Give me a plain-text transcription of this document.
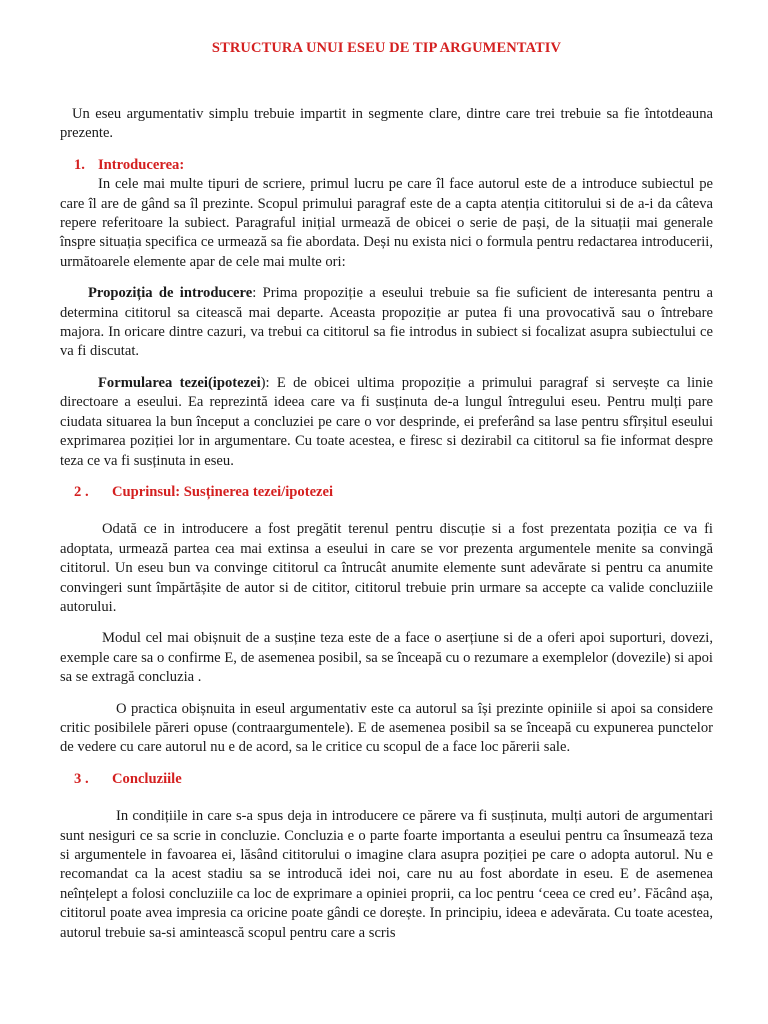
STRUCTURA UNUI ESEU DE TIP ARGUMENTATIV

Un eseu argumentativ simplu trebuie impartit in segmente clare, dintre care trei trebuie sa fie întotdeauna prezente.

1. Introducerea:

In cele mai multe tipuri de scriere, primul lucru pe care îl face autorul este de a introduce subiectul pe care îl are de gând sa îl prezinte. Scopul primului paragraf este de a capta atenția cititorului si de a-i da câteva repere referitoare la subiect. Paragraful inițial urmează de obicei o serie de pași, de la situații mai generale înspre situația specifica ce urmează sa fie abordata. Deși nu exista nici o formula pentru redactarea introducerii, următoarele elemente apar de cele mai multe ori:

Propoziția de introducere: Prima propoziție a eseului trebuie sa fie suficient de interesanta pentru a determina cititorul sa citească mai departe. Aceasta propoziție ar putea fi una provocativă sau o întrebare majora. In oricare dintre cazuri, va trebui ca cititorul sa fie introdus in subiect si focalizat asupra subiectului ce va fi discutat.

Formularea tezei(ipotezei): E de obicei ultima propoziție a primului paragraf si servește ca linie directoare a eseului. Ea reprezintă ideea care va fi susținuta de-a lungul întregului eseu. Pentru mulți pare ciudata situarea la bun început a concluziei pe care o vor desprinde, ei preferând sa lase pentru sfîrșitul eseului exprimarea poziției lor in argumentare. Cu toate acestea, e firesc si dezirabil ca cititorul sa fie informat despre teza ce va fi susținuta in eseu.

2 . Cuprinsul: Susținerea tezei/ipotezei

Odată ce in introducere a fost pregătit terenul pentru discuție si a fost prezentata poziția ce va fi adoptata, urmează partea cea mai extinsa a eseului in care se vor prezenta argumentele menite sa convingă cititorul. Un eseu bun va convinge cititorul ca întrucât anumite elemente sunt adevărate si pentru ca anumite convingeri sunt împărtășite de autor si de cititor, cititorul trebuie prin urmare sa accepte ca valide concluziile autorului.

Modul cel mai obișnuit de a susține teza este de a face o aserțiune si de a oferi apoi suporturi, dovezi, exemple care sa o confirme E, de asemenea posibil, sa se înceapă cu o rezumare a exemplelor (dovezile) si apoi sa se extragă concluzia .

O practica obișnuita in eseul argumentativ este ca autorul sa își prezinte opiniile si apoi sa considere critic posibilele păreri opuse (contraargumentele). E de asemenea posibil sa se înceapă cu expunerea punctelor de vedere cu care autorul nu e de acord, sa le critice cu scopul de a face loc părerii sale.

3 . Concluziile

In condițiile in care s-a spus deja in introducere ce părere va fi susținuta, mulți autori de argumentari sunt nesiguri ce sa scrie in concluzie. Concluzia e o parte foarte importanta a eseului pentru ca însumează teza si argumentele in favoarea ei, lăsând cititorului o imagine clara asupra poziției pe care o adopta autorul. Nu e recomandat ca la acest stadiu sa se introducă idei noi, care nu au fost abordate in eseu. E de asemenea neînțelept a folosi concluziile ca loc de exprimare a opiniei proprii, ca loc pentru ‘ceea ce cred eu’. Făcând așa, cititorul poate avea impresia ca oricine poate gândi ce dorește. In principiu, ideea e adevărata. Cu toate acestea, autorul trebuie sa-si amintească scopul pentru care a scris
